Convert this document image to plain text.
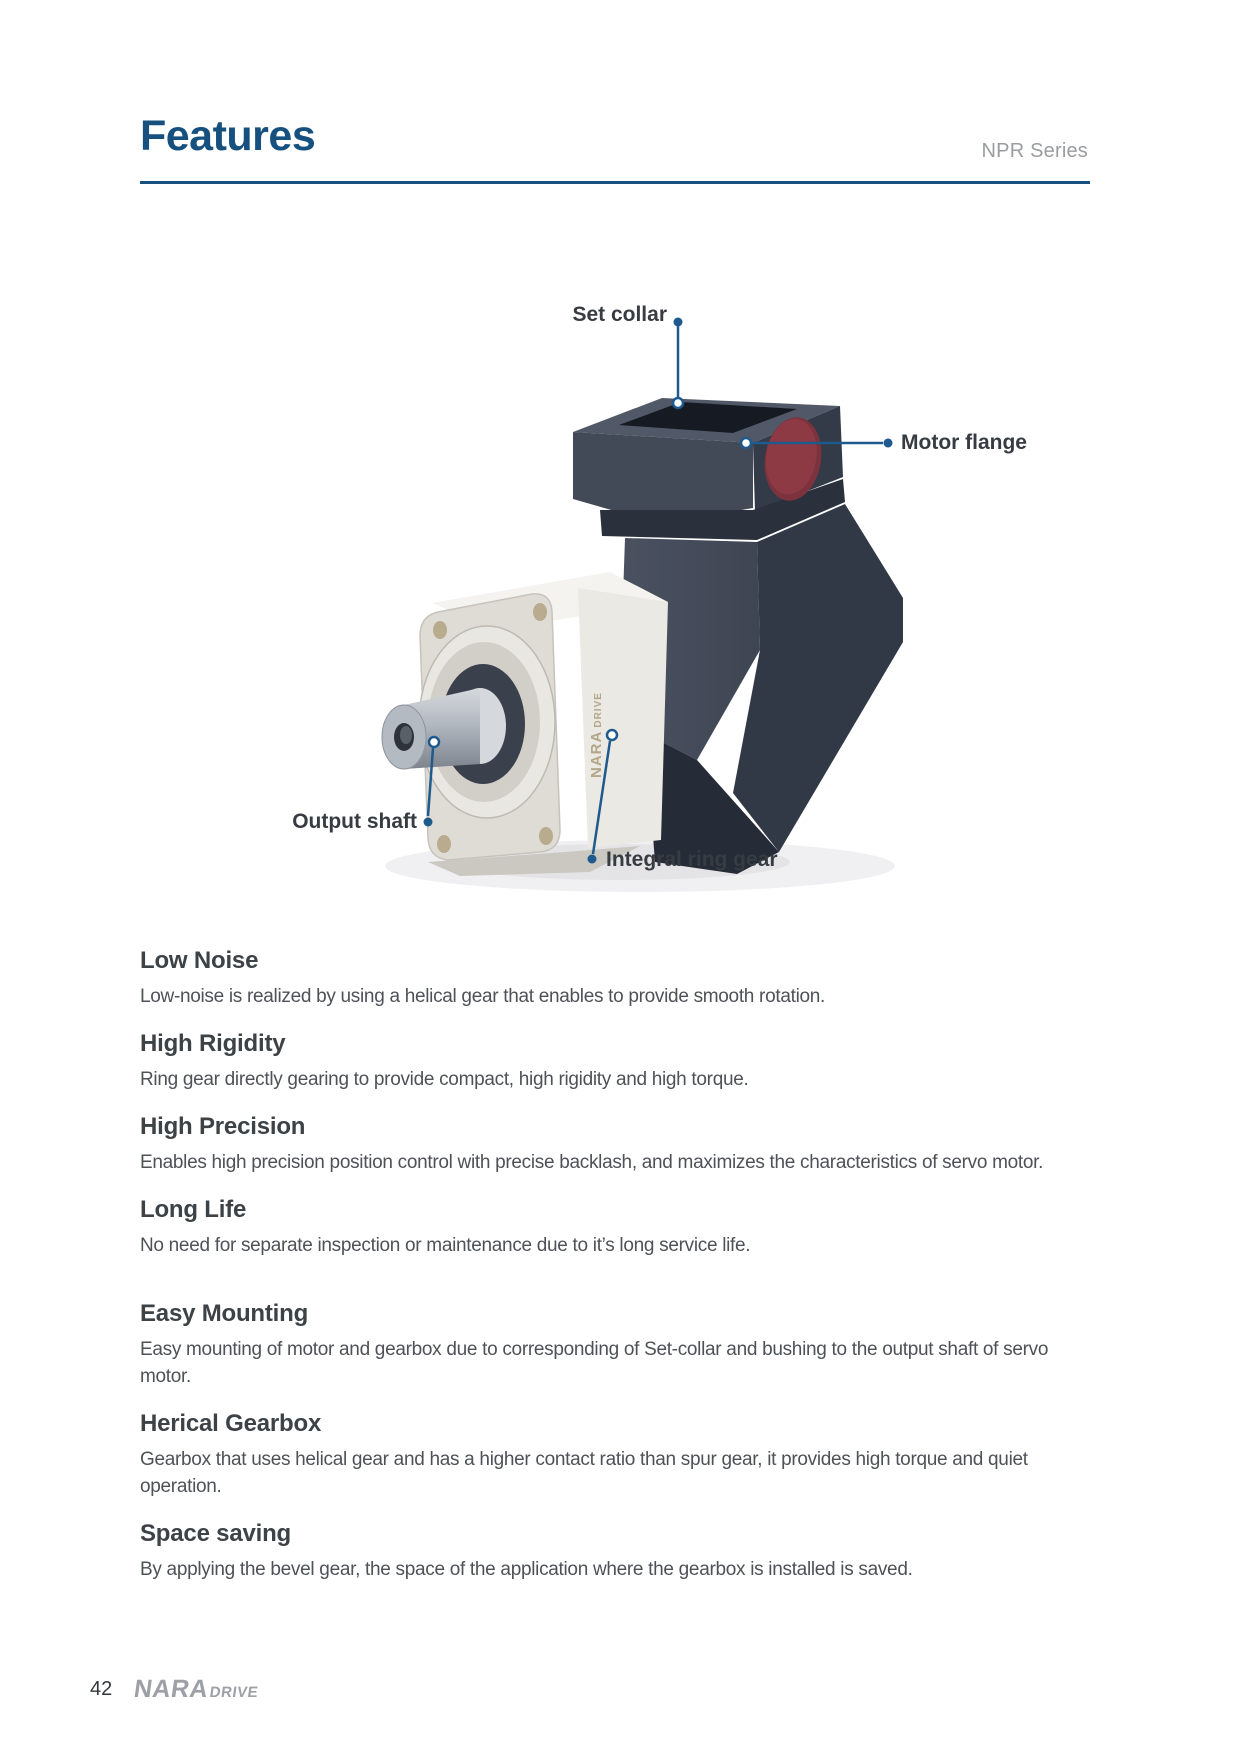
Features	NPR Series
NARADRIVE
Set collar
Motor flange
Output shaft
Integral ring gear
Low Noise

Low-noise is realized by using a helical gear that enables to provide smooth rotation.

High Rigidity

Ring gear directly gearing to provide compact, high rigidity and high torque.

High Precision

Enables high precision position control with precise backlash, and maximizes the characteristics of servo motor.

Long Life

No need for separate inspection or maintenance due to it’s long service life.

Easy Mounting

Easy mounting of motor and gearbox due to corresponding of Set-collar and bushing to the output shaft of servo motor.

Herical Gearbox

Gearbox that uses helical gear and has a higher contact ratio than spur gear, it provides high torque and quiet operation.

Space saving

By applying the bevel gear, the space of the application where the gearbox is installed is saved.

42 NARA
DRIVE
